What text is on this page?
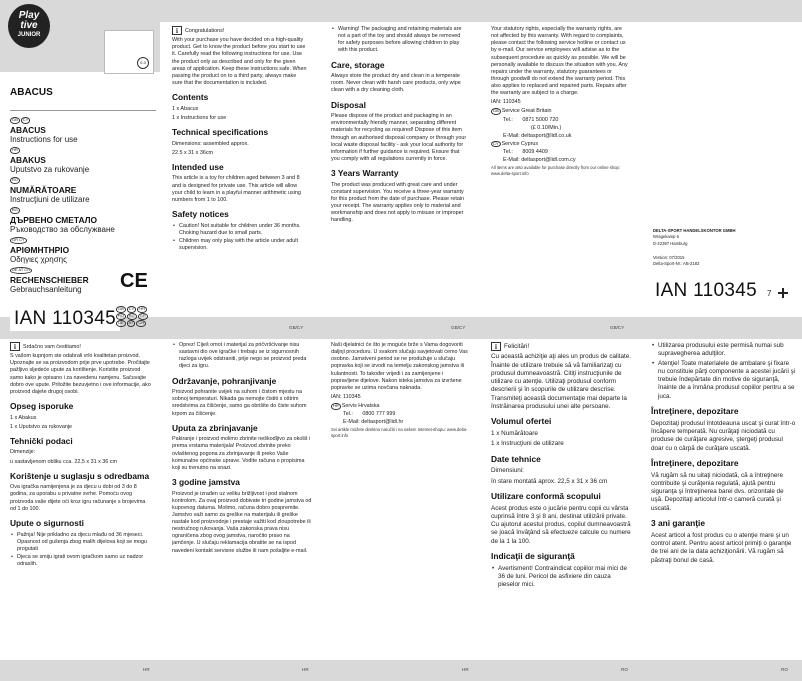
Play
tive
JUNIOR
0-3
ABACUS
GB CY
ABACUS
Instructions for use
HR
ABAKUS
Uputstvo za rukovanje
RO
NUMĂRĂTOARE
Instrucţiuni de utilizare
BG
ДЪРВЕНО СМЕТАЛО
Ръководство за обслужване
GR CY
ΑΡΙΘΜΗΤΗΡΙΟ
Οδηγιες χρησης
DE AT CH
RECHENSCHIEBER
Gebrauchsanleitung	CE
IAN 110345 GB CY HR
RO BG GR
DE AT CH

i Congratulations!

With your purchase you have decided on a high-quality product. Get to know the product before you start to use it. Carefully read the following instructions for use. Use the product only as described and only for the given areas of application. Keep these instructions safe. When passing the product on to a third party, always make sure that the documentation is included.

Contents

1 x Abacus

1 x Instructions for use

Technical specifications

Dimensions: assembled approx.

22.5 x 31 x 36cm

Intended use

This article is a toy for children aged between 3 and 8 and is designed for private use. This article will allow your child to learn in a playful manner arithmetic using numbers from 1 to 100.

Safety notices
• Caution! Not suitable for children under 36 months. Choking hazard due to small parts.
• Children may only play with the article under adult supervision.
• Warning! The packaging and retaining materials are not a part of the toy and should always be removed for safety purposes before allowing children to play with this product.
Care, storage

Always store the product dry and clean in a temperate room. Never clean with harsh care products, only wipe clean with a dry cleaning cloth.

Disposal

Please dispose of the product and packaging in an environmentally friendly manner, separating different materials for recycling as required! Dispose of this item through an authorised disposal company or through your local waste disposal facility - ask your local authority for information if further guidance is required. Ensure that you comply with all regulations currently in force.

3 Years Warranty

The product was produced with great care and under constant supervision. You receive a three-year warranty for this product from the date of purchase. Please retain your receipt. The warranty applies only to material and workmanship and does not apply to misuse or improper handling.

Your statutory rights, especially the warranty rights, are not affected by this warranty. With regard to complaints, please contact the following service hotline or contact us by e-mail. Our service employees will advise as to the subsequent procedure as quickly as possible. We will be personally available to discuss the situation with you. Any repairs under the warranty, statutory guarantees or through goodwill do not extend the warranty period. This also applies to replaced and repaired parts. Repairs after the warranty are subject to a charge.

IAN: 110345

GB Service Great Britain

Tel.: 0871 5000 720

(£ 0.10/Min.)

E-Mail: deltasport@lidl.co.uk

CY Service Cyprus

Tel.: 8009 4409

E-Mail: deltasport@lidl.com.cy

All items are also available for purchase directly from our online shop: www.delta-sport.info

DELTA-SPORT HANDELSKONTOR GMBH
Wragekamp 6
D-22397 Hamburg
Version: 07/2015
Delta-Sport-Nr.: AB-2183
IAN 110345	7
GB/CY	GB/CY	GB/CY

i Srdačno vam čestitamo!

S vašom kupnjom ste odabrali vrlo kvalitetan proizvod. Upoznajte se sa proizvodom prije prve upotrebe. Pročitajte pažljivo sljedeće upute za korištenje. Koristite proizvod samo kako je opisano i za navedenu namjenu. Sačuvajte dobro ove upute. Priložite bezuvjetno i ove informacije, ako proizvod dajete drugoj osobi.

Opseg isporuke

1 x Abakus

1 x Uputstvo za rukovanje

Tehnički podaci

Dimenzije:

u sastavljenom obliku cca. 22,5 x 31 x 36 cm

Korištenje u suglasju s odredbama

Ova igračka namijenjena je za djecu u dobi od 3 do 8 godina, za uporabu u privatne svrhe. Pomoću ovog proizvoda vaše dijete oći kroz igru računanje s brojevima od 1 do 100.

Upute o sigurnosti
• Pažnja! Nije prikladno za djecu mlađu od 36 mjeseci. Opasnost od gušenja zbog malih dijelova koji se mogu progutati
• Djeca se smiju igrati ovom igračkom samo uz nadzor odraslih.
• Oprez! Ciješ omot i materijal za pričvršćivanje nisu sastavni dio ove igračke i trebaju se iz sigurnosnih razloga uvijek odstraniti, prije nego se proizvod preda djeci za igru.
Održavanje, pohranjivanje

Proizvod pohranite uvijek na suhom i čistom mjestu na sobnoj temperaturi. Nikada ga nemojte čistiti s oštrim sredstvima za čišćenje, samo ga obrišite do čiste suhom krpom za čišćenje.

Uputa za zbrinjavanje

Pakiranje i proizvod molimo zbrinite neškodljivo za okoliš i prema vrstama materijala! Proizvod zbrinite preko ovlaštenog pogona za zbrinjavanje ili preko Vaše komunalne općinske uprave. Vodite računa o propisima koji su trenutno na snazi.

3 godine jamstva

Proizvod je izrađen uz veliku brižljivost i pod stalnom kontrolom. Za ovaj proizvod dobivate tri godine jamstva od kupovnog datuma. Molimo, računa dobro pospremite. Jamstvo važi samo za greške na materijalu ili greške nastale kod proizvodnje i prestaje važiti kod zloupotrebe ili nestručnog rukovanja. Vaša zakonska prava nisu ograničena zbog ovog jamstva, naročito pravo na jamčenje. U slučaju reklamacija obratite se na ispod navedeni kontakt servisne službe ili nam pošaljite e-mail.

Naši djelatnici će što je moguće brže s Vama dogovoriti daljnji proceduru. U svakom slučaju savjetovati ćemo Vas osobno. Jamstveni period se ne produžuje u slučaju popravka koji se izvodi na temelju zakonskog jamstva ili kulantnosti. To također vrijedi i za zamijenjene i popravljene dijelove. Nakon isteka jamstva za izvršene popravke se uzima novčana naknada.

IAN: 110345

HR Servis Hrvatska

Tel.: 0800 777 999

E-Mail: deltasport@lidl.hr

Svi artikle možete direktno naručiti i na našem Internet-shopu: www.delta-sport.info

i Felicitări!

Cu această achiziţie aţi ales un produs de calitate. Înainte de utilizare trebuie să vă familiarizaţi cu produsul dumneavoastră. Citiţi instrucţiunile de utilizare cu atenţie. Utilizaţi produsul conform descrierii şi în scopurile de utilizare descrise. Transmiteţi această documentaţie mai departe la înstrăinarea produsului unei alte persoane.

Volumul ofertei

1 x Numărătoare

1 x Instrucţiuni de utilizare

Date tehnice

Dimensiuni:

în stare montată aprox. 22,5 x 31 x 36 cm

Utilizare conformă scopului

Acest produs este o jucărie pentru copii cu vârsta cuprinsă între 3 şi 8 ani, destinat utilizării private. Cu ajutorul acestui produs, copilul dumneavoastră se joacă învăţând să efectueze calcule cu numere de la 1 la 100.

Indicaţii de siguranţă
• Avertisment! Contraindicat copiilor mai mici de 36 de luni. Pericol de asfixiere din cauza pieselor mici.
• Utilizarea produsului este permisă numai sub supravegherea adulţilor.
• Atenţie! Toate materialele de ambalare şi fixare nu constituie părţi componente a acestei jucării şi trebuie îndepărtate din motive de siguranţă, înainte de a înmâna produsul copiilor pentru a se juca.
Întreţinere, depozitare

Depozitaţi produsul întotdeauna uscat şi curat într-o încăpere temperată. Nu curăţaţi niciodată cu produse de curăţare agresive, ştergeţi produsul doar cu o cârpă de curăţare uscată.

Întreţinere, depozitare

Vă rugăm să nu uitaţi niciodată, că a întreţinere contribuite şi curăţenia regulată, ajută pentru siguranţa şi întreţinerea barei dvs. orizontale de uşă. Depozitaţi articolul într-o cameră curată şi uscată.

3 ani garanţie

Acest articol a fost produs cu o atenţie mare şi un control atent. Pentru acest articol primiţi o garanţie de trei ani de la data achiziţionării. Vă rugăm să păstraţi bonul de casă.

HR	HR	HR	RO	RO
